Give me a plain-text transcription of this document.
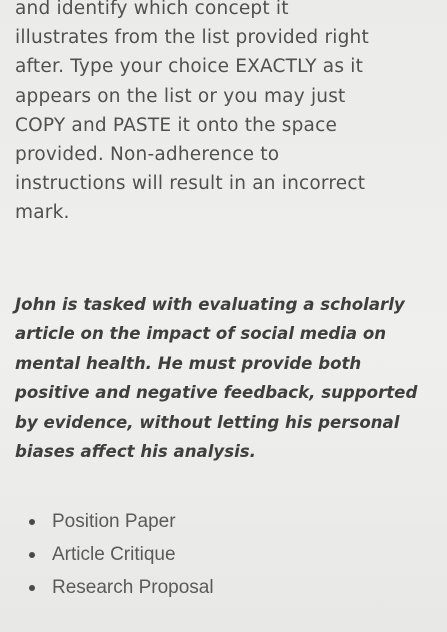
and identify which concept it
illustrates from the list provided right
after. Type your choice EXACTLY as it
appears on the list or you may just
COPY and PASTE it onto the space
provided. Non-adherence to
instructions will result in an incorrect
mark.
John is tasked with evaluating a scholarly
article on the impact of social media on
mental health. He must provide both
positive and negative feedback, supported
by evidence, without letting his personal
biases affect his analysis.
Position Paper
Article Critique
Research Proposal
